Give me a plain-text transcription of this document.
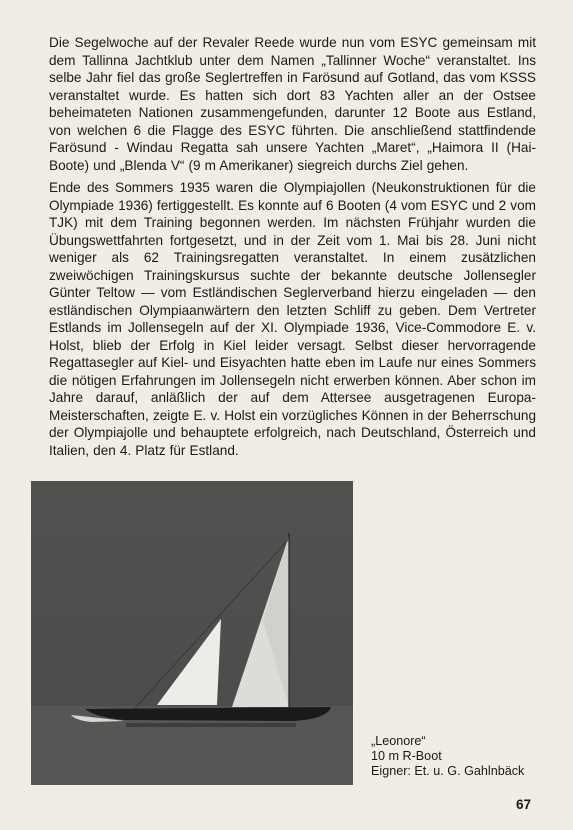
Die Segelwoche auf der Revaler Reede wurde nun vom ESYC gemeinsam mit dem Tallinna Jachtklub unter dem Namen „Tallinner Woche“ veranstaltet. Ins selbe Jahr fiel das große Seglertreffen in Farösund auf Gotland, das vom KSSS veranstaltet wurde. Es hatten sich dort 83 Yachten aller an der Ostsee beheimateten Nationen zusammengefunden, darunter 12 Boote aus Estland, von welchen 6 die Flagge des ESYC führten. Die anschließend stattfindende Farösund - Windau Regatta sah unsere Yachten „Maret“, „Haimora II (Hai-Boote) und „Blenda V“ (9 m Amerikaner) siegreich durchs Ziel gehen.

Ende des Sommers 1935 waren die Olympiajollen (Neukonstruktionen für die Olympiade 1936) fertiggestellt. Es konnte auf 6 Booten (4 vom ESYC und 2 vom TJK) mit dem Training begonnen werden. Im nächsten Frühjahr wurden die Übungswettfahrten fortgesetzt, und in der Zeit vom 1. Mai bis 28. Juni nicht weniger als 62 Trainingsregatten veranstaltet. In einem zusätzlichen zweiwöchigen Trainingskursus suchte der bekannte deutsche Jollensegler Günter Teltow — vom Estländischen Seglerverband hierzu eingeladen — den estländischen Olympiaanwärtern den letzten Schliff zu geben. Dem Vertreter Estlands im Jollensegeln auf der XI. Olympiade 1936, Vice-Commodore E. v. Holst, blieb der Erfolg in Kiel leider versagt. Selbst dieser hervorragende Regattasegler auf Kiel- und Eisyachten hatte eben im Laufe nur eines Sommers die nötigen Erfahrungen im Jollensegeln nicht erwerben können. Aber schon im Jahre darauf, anläßlich der auf dem Attersee ausgetragenen Europa-Meisterschaften, zeigte E. v. Holst ein vorzügliches Können in der Beherrschung der Olympiajolle und behauptete erfolgreich, nach Deutschland, Österreich und Italien, den 4. Platz für Estland.

„Leonore“
10 m R-Boot
Eigner: Et. u. G. Gahlnbäck
67
